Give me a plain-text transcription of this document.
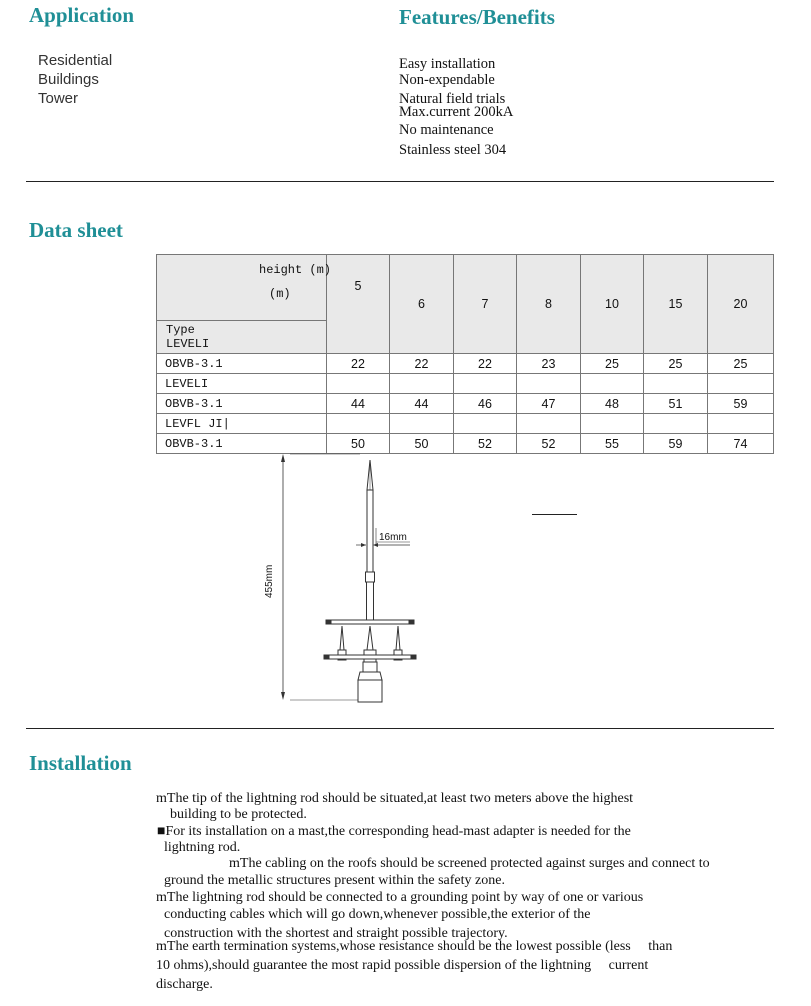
Application
Residential
Buildings
Tower
Features/Benefits
Easy installation
Non-expendable
Natural field trials
Max.current 200kA
No maintenance
Stainless steel 304
Data sheet
height (m)
(m)	5	6	7	8	10	15	20

Type
LEVELI							

OBVB-3.1	22	22	22	23	25	25	25
LEVELI							
OBVB-3.1	44	44	46	47	48	51	59
LEVFL JI|							
OBVB-3.1	50	50	52	52	55	59	74
455mm
16mm
Installation
mThe tip of the lightning rod should be situated,at least two meters above the highest
building to be protected.
■For its installation on a mast,the corresponding head-mast adapter is needed for the
lightning rod.
mThe cabling on the roofs should be screened protected against surges and connect to
ground the metallic structures present within the safety zone.
mThe lightning rod should be connected to a grounding point by way of one or various
conducting cables which will go down,whenever possible,the exterior of the
construction with the shortest and straight possible trajectory.
mThe earth termination systems,whose resistance should be the lowest possible (less     than
10 ohms),should guarantee the most rapid possible dispersion of the lightning     current
discharge.
